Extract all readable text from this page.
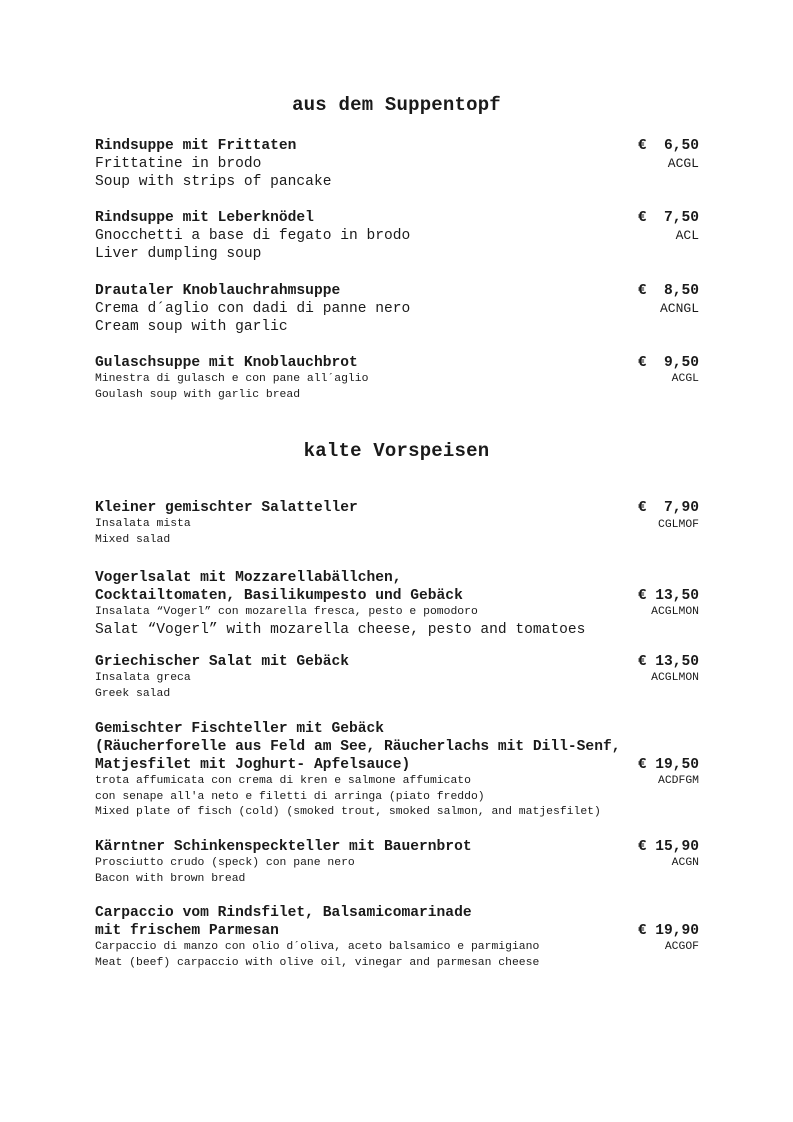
aus dem Suppentopf
Rindsuppe mit Frittaten	€  6,50
Frittatine in brodo	ACGL
Soup with strips of pancake
Rindsuppe mit Leberknödel	€  7,50
Gnocchetti a base di fegato in brodo	ACL
Liver dumpling soup
Drautaler Knoblauchrahmsuppe	€  8,50
Crema d´aglio con dadi di panne nero	ACNGL
Cream soup with garlic
Gulaschsuppe mit Knoblauchbrot	€  9,50
Minestra di gulasch e con pane all´aglio	ACGL
Goulash soup with garlic bread
kalte Vorspeisen
Kleiner gemischter Salatteller	€  7,90
Insalata mista	CGLMOF
Mixed salad
Vogerlsalat mit Mozzarellabällchen,
Cocktailtomaten, Basilikumpesto und Gebäck	€ 13,50
Insalata “Vogerl” con mozarella fresca, pesto e pomodoro	ACGLMON
Salat “Vogerl” with mozarella cheese, pesto and tomatoes
Griechischer Salat mit Gebäck	€ 13,50
Insalata greca	ACGLMON
Greek salad
Gemischter Fischteller mit Gebäck
(Räucherforelle aus Feld am See, Räucherlachs mit Dill-Senf,
Matjesfilet mit Joghurt- Apfelsauce)	€ 19,50
trota affumicata con crema di kren e salmone affumicato	ACDFGM
con senape all'a neto e filetti di arringa (piato freddo)
Mixed plate of fisch (cold) (smoked trout, smoked salmon, and matjesfilet)
Kärntner Schinkenspeckteller mit Bauernbrot	€ 15,90
Prosciutto crudo (speck) con pane nero	ACGN
Bacon with brown bread
Carpaccio vom Rindsfilet, Balsamicomarinade
mit frischem Parmesan	€ 19,90
Carpaccio di manzo con olio d´oliva, aceto balsamico e parmigiano	ACGOF
Meat (beef) carpaccio with olive oil, vinegar and parmesan cheese
